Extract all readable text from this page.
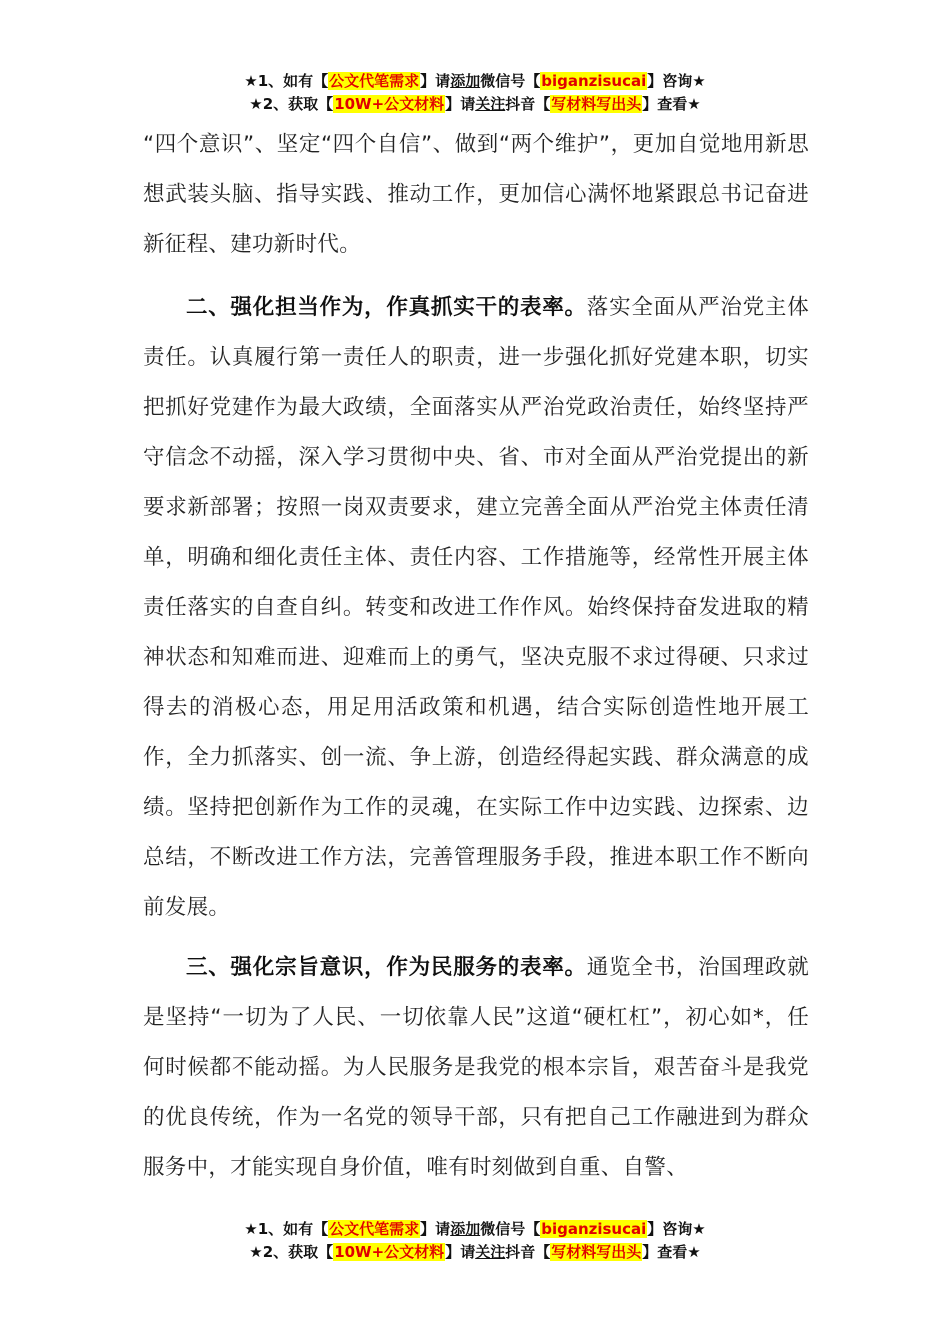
★1、如有【公文代笔需求】请添加微信号【biganzisucai】咨询★
★2、获取【10W+公文材料】请关注抖音【写材料写出头】查看★

“四个意识”、坚定“四个自信”、做到“两个维护”，更加自觉地用新思想武装头脑、指导实践、推动工作，更加信心满怀地紧跟总书记奋进新征程、建功新时代。

二、强化担当作为，作真抓实干的表率。落实全面从严治党主体责任。认真履行第一责任人的职责，进一步强化抓好党建本职，切实把抓好党建作为最大政绩，全面落实从严治党政治责任，始终坚持严守信念不动摇，深入学习贯彻中央、省、市对全面从严治党提出的新要求新部署；按照一岗双责要求，建立完善全面从严治党主体责任清单，明确和细化责任主体、责任内容、工作措施等，经常性开展主体责任落实的自查自纠。转变和改进工作作风。始终保持奋发进取的精神状态和知难而进、迎难而上的勇气，坚决克服不求过得硬、只求过得去的消极心态，用足用活政策和机遇，结合实际创造性地开展工作，全力抓落实、创一流、争上游，创造经得起实践、群众满意的成绩。坚持把创新作为工作的灵魂，在实际工作中边实践、边探索、边总结，不断改进工作方法，完善管理服务手段，推进本职工作不断向前发展。

三、强化宗旨意识，作为民服务的表率。通览全书，治国理政就是坚持“一切为了人民、一切依靠人民”这道“硬杠杠”，初心如*，任何时候都不能动摇。为人民服务是我党的根本宗旨，艰苦奋斗是我党的优良传统，作为一名党的领导干部，只有把自己工作融进到为群众服务中，才能实现自身价值，唯有时刻做到自重、自警、

★1、如有【公文代笔需求】请添加微信号【biganzisucai】咨询★
★2、获取【10W+公文材料】请关注抖音【写材料写出头】查看★
